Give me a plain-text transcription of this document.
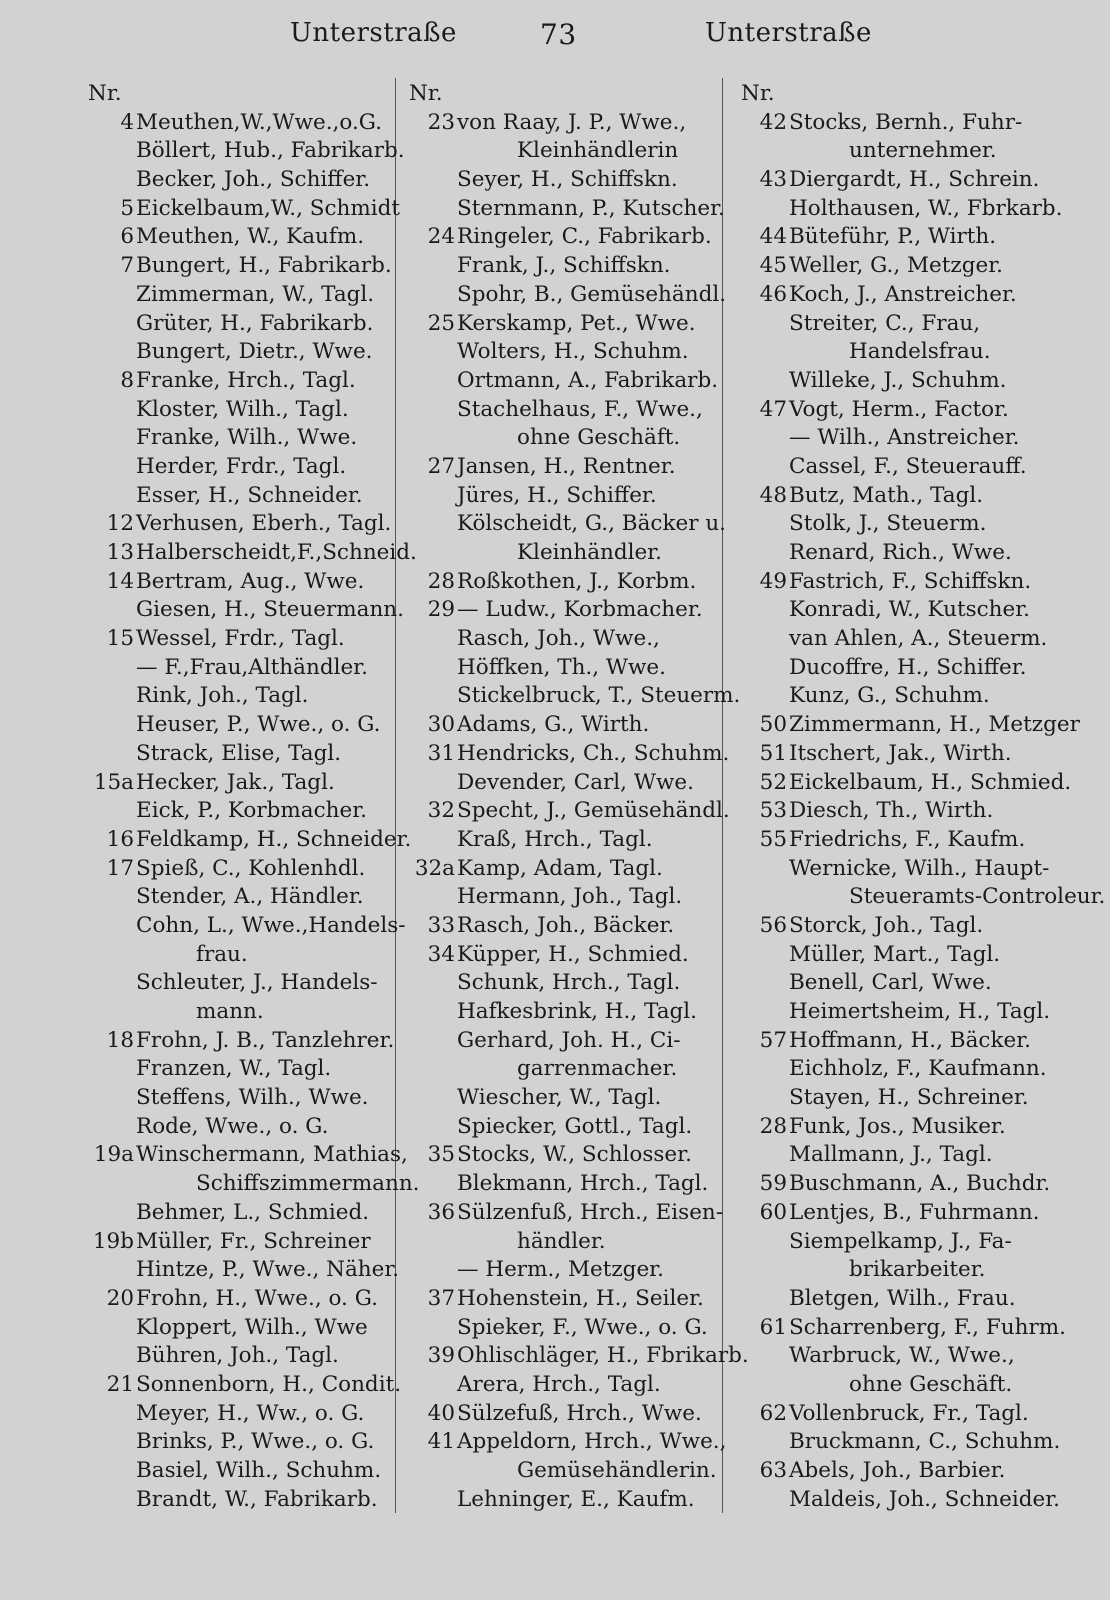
Unterstraße	73	Unterstraße
Nr.
4 Meuthen,W.,Wwe.,o.G.
Böllert, Hub., Fabrikarb.
Becker, Joh., Schiffer.
5 Eickelbaum,W., Schmidt
6 Meuthen, W., Kaufm.
7 Bungert, H., Fabrikarb.
Zimmerman, W., Tagl.
Grüter, H., Fabrikarb.
Bungert, Dietr., Wwe.
8 Franke, Hrch., Tagl.
Kloster, Wilh., Tagl.
Franke, Wilh., Wwe.
Herder, Frdr., Tagl.
Esser, H., Schneider.
12 Verhusen, Eberh., Tagl.
13 Halberscheidt,F.,Schneid.
14 Bertram, Aug., Wwe.
Giesen, H., Steuermann.
15 Wessel, Frdr., Tagl.
— F.,Frau,Althändler.
Rink, Joh., Tagl.
Heuser, P., Wwe., o. G.
Strack, Elise, Tagl.
15a Hecker, Jak., Tagl.
Eick, P., Korbmacher.
16 Feldkamp, H., Schneider.
17 Spieß, C., Kohlenhdl.
Stender, A., Händler.
Cohn, L., Wwe.,Handels-
frau.
Schleuter, J., Handels-
mann.
18 Frohn, J. B., Tanzlehrer.
Franzen, W., Tagl.
Steffens, Wilh., Wwe.
Rode, Wwe., o. G.
19a Winschermann, Mathias,
Schiffszimmermann.
Behmer, L., Schmied.
19b Müller, Fr., Schreiner
Hintze, P., Wwe., Näher.
20 Frohn, H., Wwe., o. G.
Kloppert, Wilh., Wwe
Bühren, Joh., Tagl.
21 Sonnenborn, H., Condit.
Meyer, H., Ww., o. G.
Brinks, P., Wwe., o. G.
Basiel, Wilh., Schuhm.
Brandt, W., Fabrikarb.
Nr.
23 von Raay, J. P., Wwe.,
Kleinhändlerin
Seyer, H., Schiffskn.
Sternmann, P., Kutscher.
24 Ringeler, C., Fabrikarb.
Frank, J., Schiffskn.
Spohr, B., Gemüsehändl.
25 Kerskamp, Pet., Wwe.
Wolters, H., Schuhm.
Ortmann, A., Fabrikarb.
Stachelhaus, F., Wwe.,
ohne Geschäft.
27 Jansen, H., Rentner.
Jüres, H., Schiffer.
Kölscheidt, G., Bäcker u.
Kleinhändler.
28 Roßkothen, J., Korbm.
29 — Ludw., Korbmacher.
Rasch, Joh., Wwe.,
Höffken, Th., Wwe.
Stickelbruck, T., Steuerm.
30 Adams, G., Wirth.
31 Hendricks, Ch., Schuhm.
Devender, Carl, Wwe.
32 Specht, J., Gemüsehändl.
Kraß, Hrch., Tagl.
32a Kamp, Adam, Tagl.
Hermann, Joh., Tagl.
33 Rasch, Joh., Bäcker.
34 Küpper, H., Schmied.
Schunk, Hrch., Tagl.
Hafkesbrink, H., Tagl.
Gerhard, Joh. H., Ci-
garrenmacher.
Wiescher, W., Tagl.
Spiecker, Gottl., Tagl.
35 Stocks, W., Schlosser.
Blekmann, Hrch., Tagl.
36 Sülzenfuß, Hrch., Eisen-
händler.
— Herm., Metzger.
37 Hohenstein, H., Seiler.
Spieker, F., Wwe., o. G.
39 Ohlischläger, H., Fbrikarb.
Arera, Hrch., Tagl.
40 Sülzefuß, Hrch., Wwe.
41 Appeldorn, Hrch., Wwe.,
Gemüsehändlerin.
Lehninger, E., Kaufm.
Nr.
42 Stocks, Bernh., Fuhr-
unternehmer.
43 Diergardt, H., Schrein.
Holthausen, W., Fbrkarb.
44 Büteführ, P., Wirth.
45 Weller, G., Metzger.
46 Koch, J., Anstreicher.
Streiter, C., Frau,
Handelsfrau.
Willeke, J., Schuhm.
47 Vogt, Herm., Factor.
— Wilh., Anstreicher.
Cassel, F., Steuerauff.
48 Butz, Math., Tagl.
Stolk, J., Steuerm.
Renard, Rich., Wwe.
49 Fastrich, F., Schiffskn.
Konradi, W., Kutscher.
van Ahlen, A., Steuerm.
Ducoffre, H., Schiffer.
Kunz, G., Schuhm.
50 Zimmermann, H., Metzger
51 Itschert, Jak., Wirth.
52 Eickelbaum, H., Schmied.
53 Diesch, Th., Wirth.
55 Friedrichs, F., Kaufm.
Wernicke, Wilh., Haupt-
Steueramts-Controleur.
56 Storck, Joh., Tagl.
Müller, Mart., Tagl.
Benell, Carl, Wwe.
Heimertsheim, H., Tagl.
57 Hoffmann, H., Bäcker.
Eichholz, F., Kaufmann.
Stayen, H., Schreiner.
28 Funk, Jos., Musiker.
Mallmann, J., Tagl.
59 Buschmann, A., Buchdr.
60 Lentjes, B., Fuhrmann.
Siempelkamp, J., Fa-
brikarbeiter.
Bletgen, Wilh., Frau.
61 Scharrenberg, F., Fuhrm.
Warbruck, W., Wwe.,
ohne Geschäft.
62 Vollenbruck, Fr., Tagl.
Bruckmann, C., Schuhm.
63 Abels, Joh., Barbier.
Maldeis, Joh., Schneider.
